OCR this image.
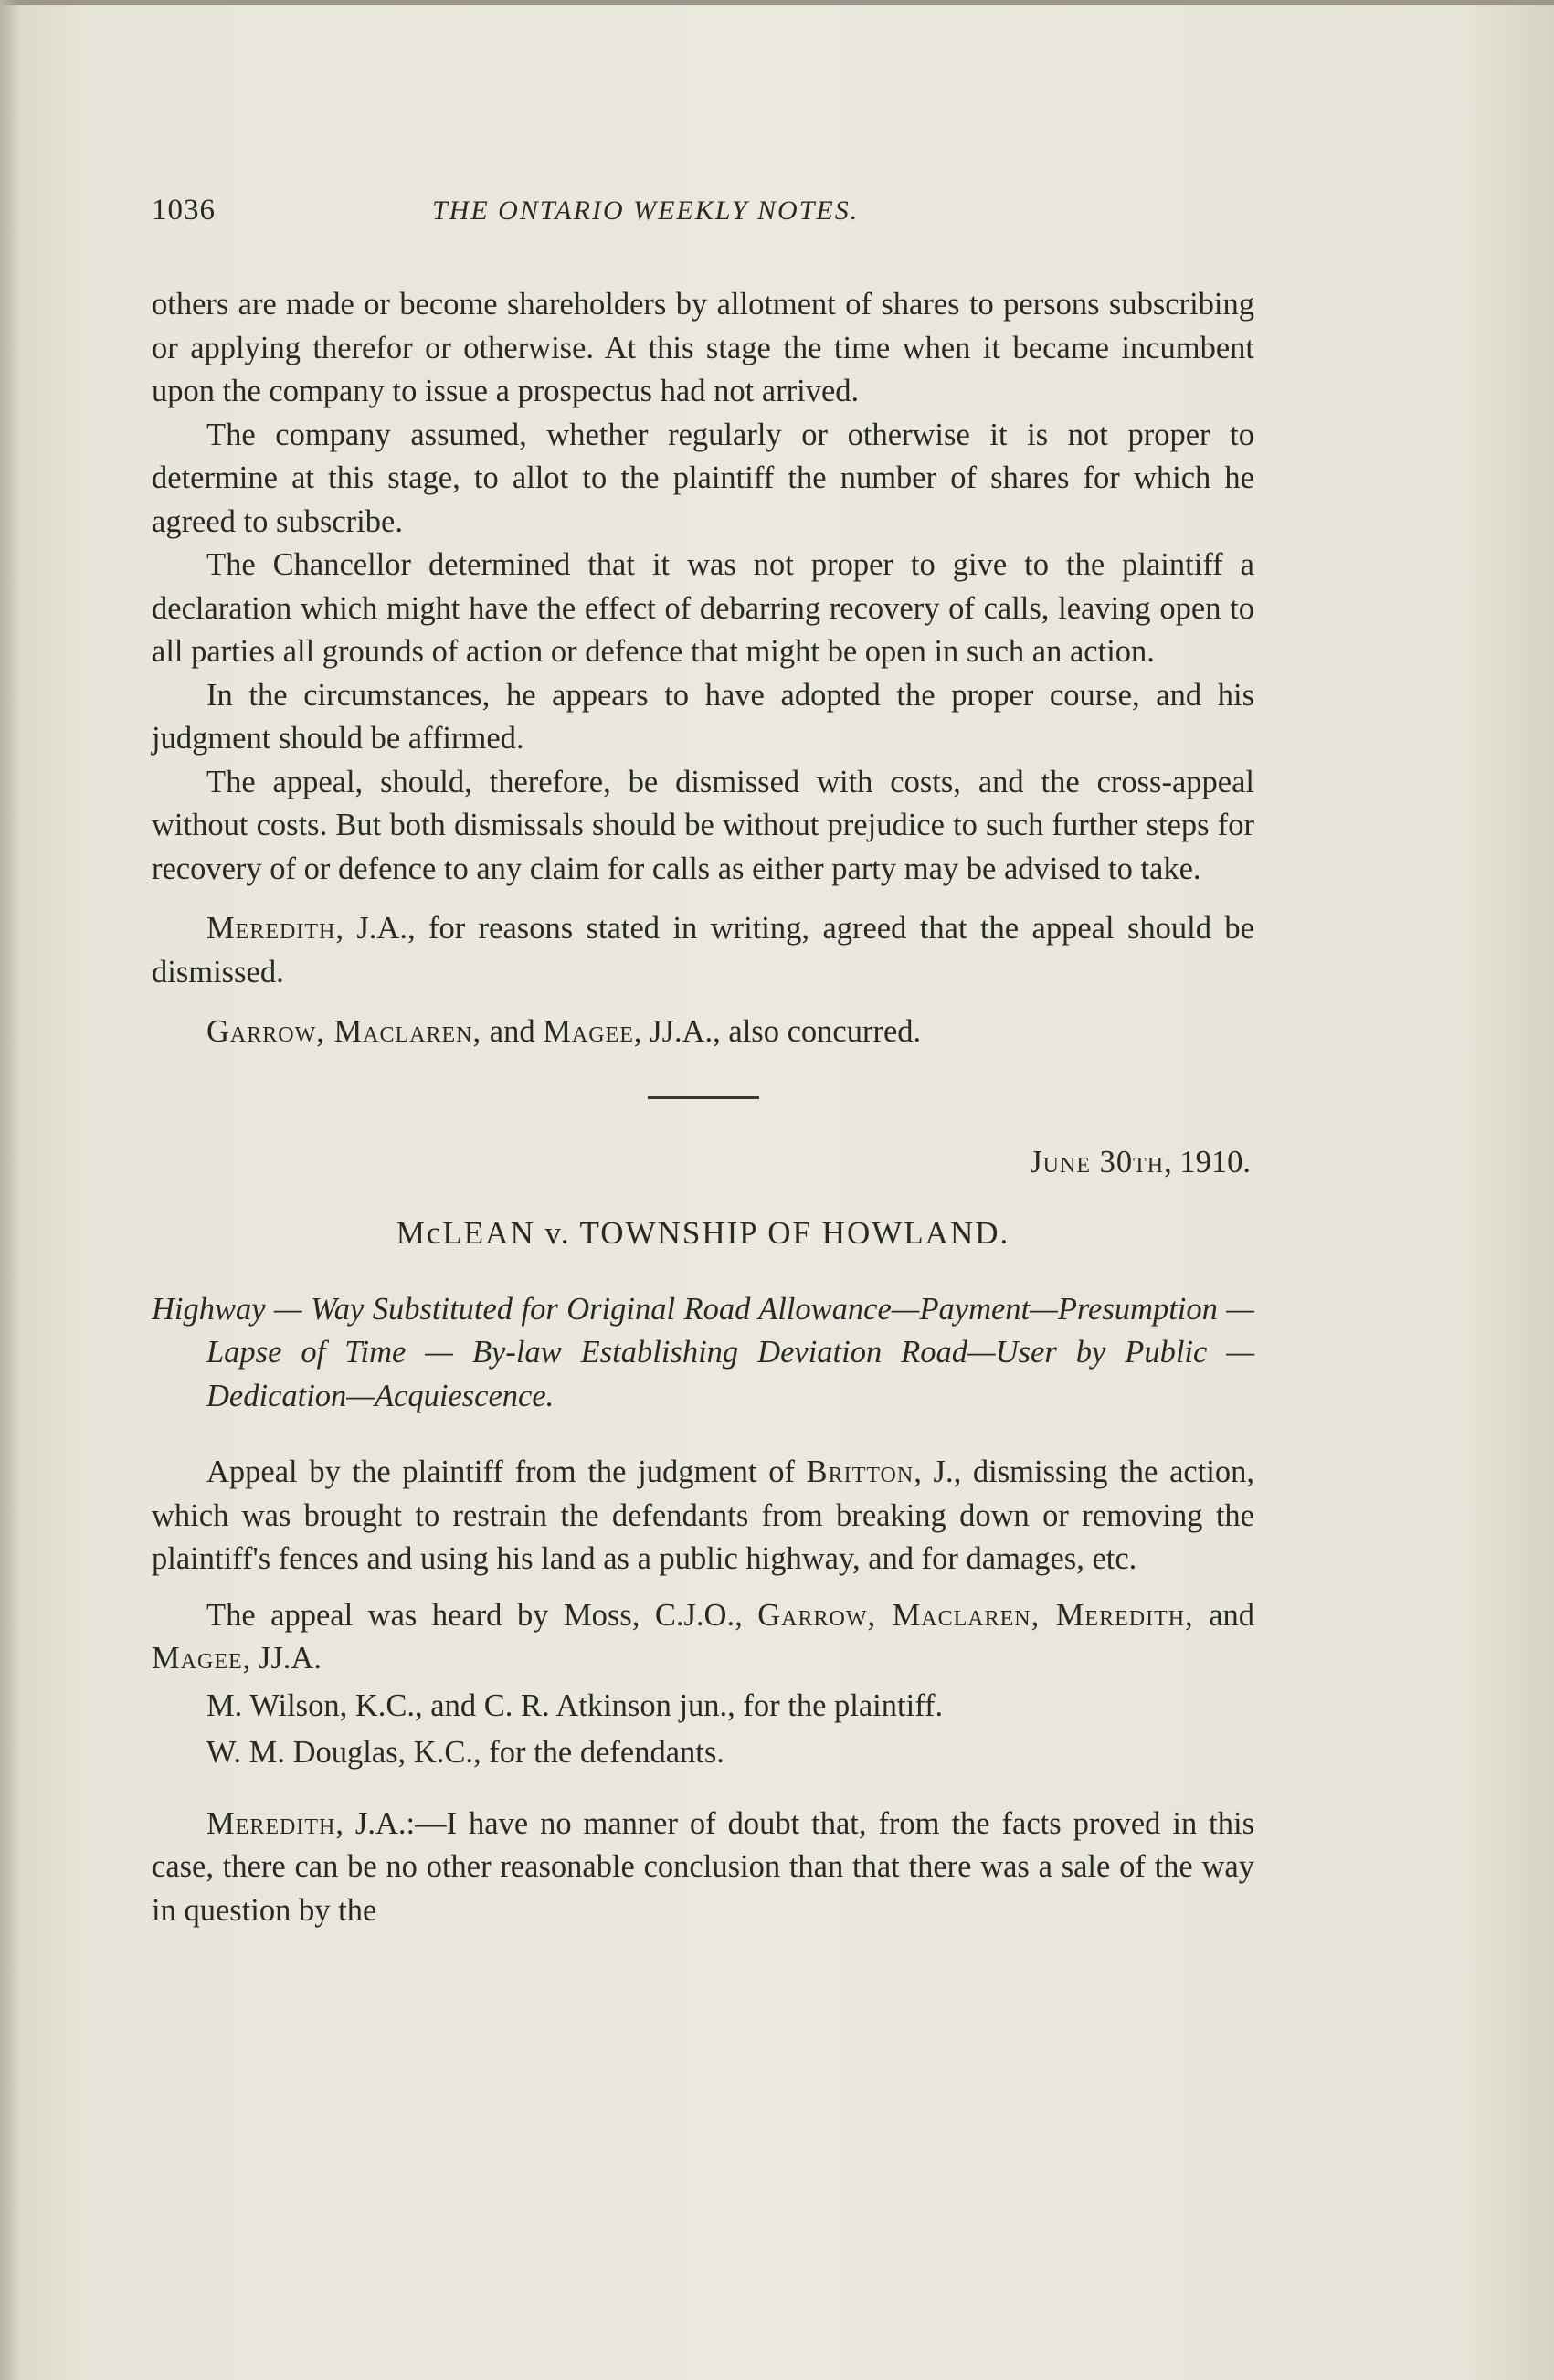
1036	THE ONTARIO WEEKLY NOTES.

others are made or become shareholders by allotment of shares to persons subscribing or applying therefor or otherwise. At this stage the time when it became incumbent upon the company to issue a prospectus had not arrived.

The company assumed, whether regularly or otherwise it is not proper to determine at this stage, to allot to the plaintiff the number of shares for which he agreed to subscribe.

The Chancellor determined that it was not proper to give to the plaintiff a declaration which might have the effect of debarring recovery of calls, leaving open to all parties all grounds of action or defence that might be open in such an action.

In the circumstances, he appears to have adopted the proper course, and his judgment should be affirmed.

The appeal, should, therefore, be dismissed with costs, and the cross-appeal without costs. But both dismissals should be without prejudice to such further steps for recovery of or defence to any claim for calls as either party may be advised to take.

Meredith, J.A., for reasons stated in writing, agreed that the appeal should be dismissed.

Garrow, Maclaren, and Magee, JJ.A., also concurred.

June 30th, 1910.
McLEAN v. TOWNSHIP OF HOWLAND.
Highway — Way Substituted for Original Road Allowance—Payment—Presumption — Lapse of Time — By-law Establishing Deviation Road—User by Public — Dedication—Acquiescence.

Appeal by the plaintiff from the judgment of Britton, J., dismissing the action, which was brought to restrain the defendants from breaking down or removing the plaintiff's fences and using his land as a public highway, and for damages, etc.

The appeal was heard by Moss, C.J.O., Garrow, Maclaren, Meredith, and Magee, JJ.A.

M. Wilson, K.C., and C. R. Atkinson jun., for the plaintiff.

W. M. Douglas, K.C., for the defendants.

Meredith, J.A.:—I have no manner of doubt that, from the facts proved in this case, there can be no other reasonable conclusion than that there was a sale of the way in question by the
